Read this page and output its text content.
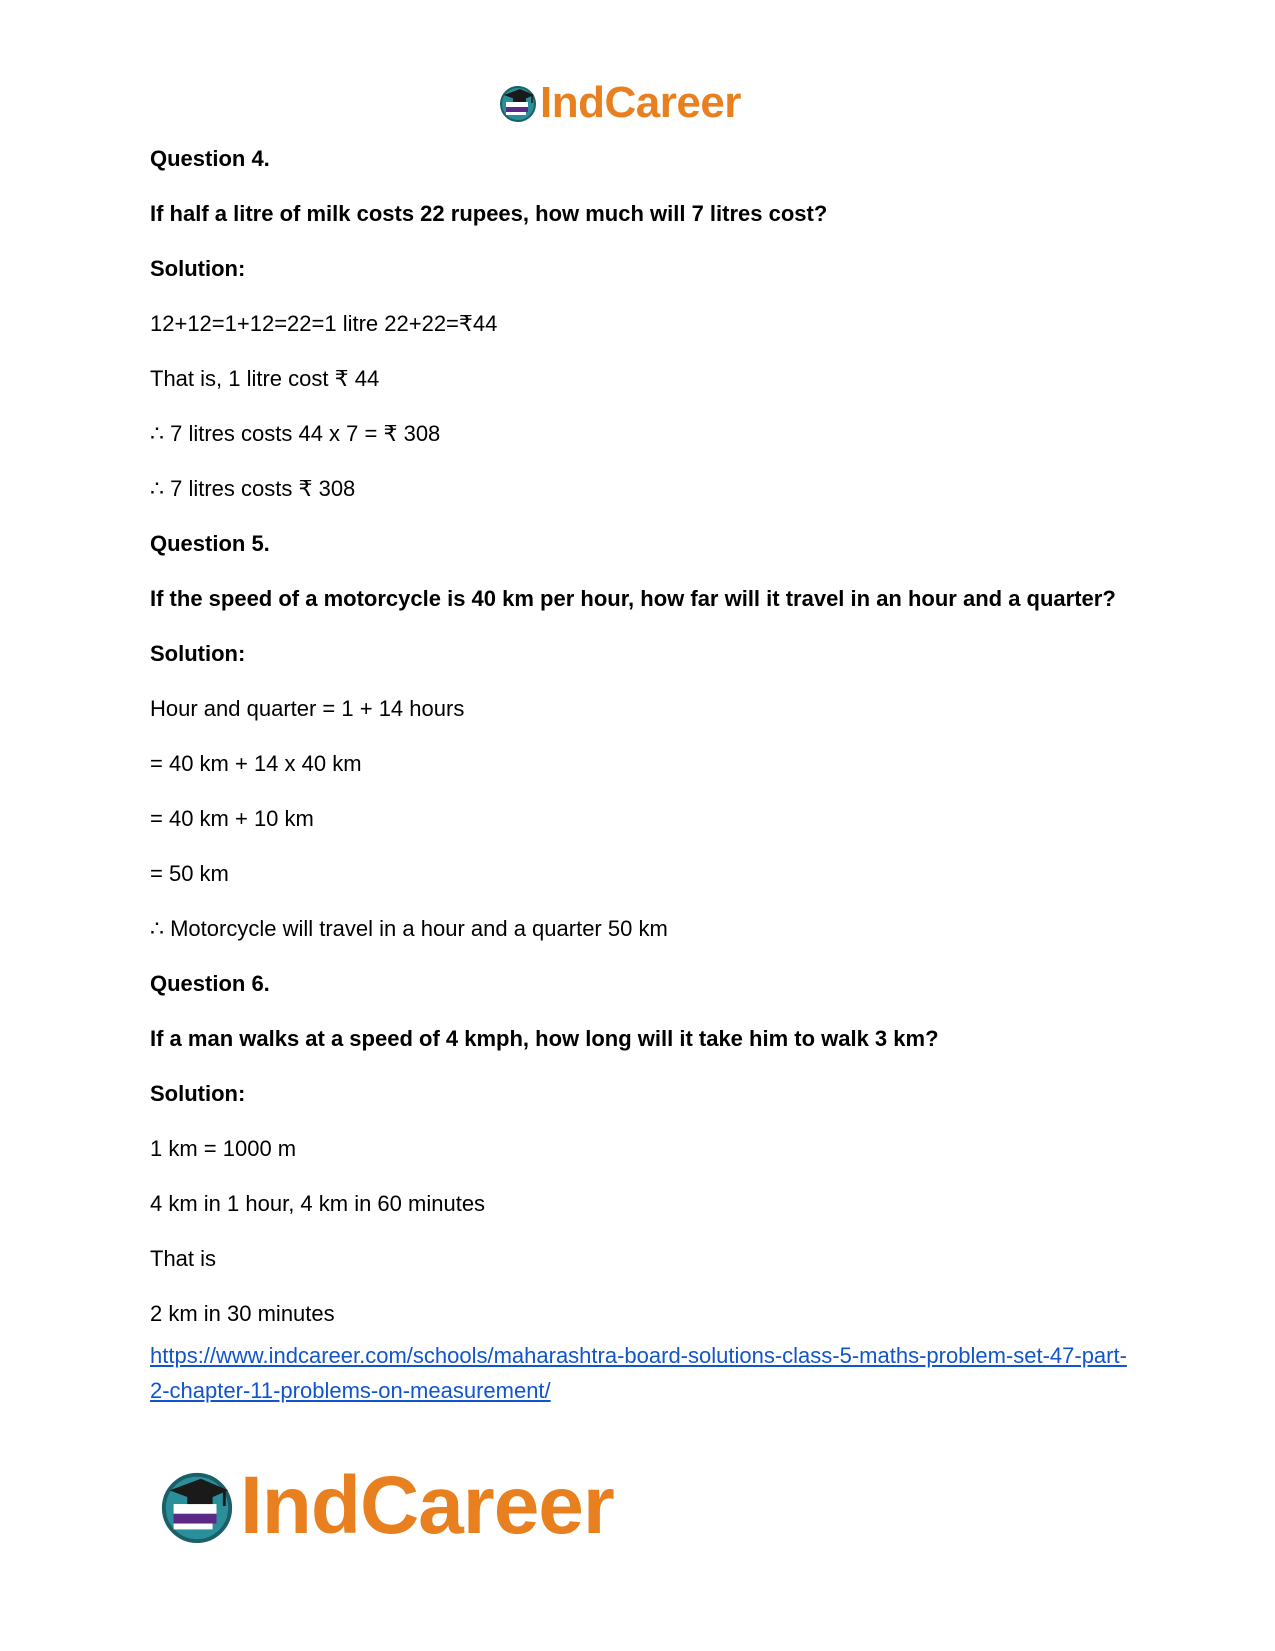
IndCareer

Question 4.

If half a litre of milk costs 22 rupees, how much will 7 litres cost?

Solution:

12+12=1+12=22=1 litre 22+22=₹44

That is, 1 litre cost ₹ 44

∴ 7 litres costs 44 x 7 = ₹ 308

∴ 7 litres costs ₹ 308

Question 5.

If the speed of a motorcycle is 40 km per hour, how far will it travel in an hour and a quarter?

Solution:

Hour and quarter = 1 + 14 hours

= 40 km + 14 x 40 km

= 40 km + 10 km

= 50 km

∴ Motorcycle will travel in a hour and a quarter 50 km

Question 6.

If a man walks at a speed of 4 kmph, how long will it take him to walk 3 km?

Solution:

1 km = 1000 m

4 km in 1 hour, 4 km in 60 minutes

That is

2 km in 30 minutes

https://www.indcareer.com/schools/maharashtra-board-solutions-class-5-maths-problem-set-47-part-2-chapter-11-problems-on-measurement/
IndCareer
